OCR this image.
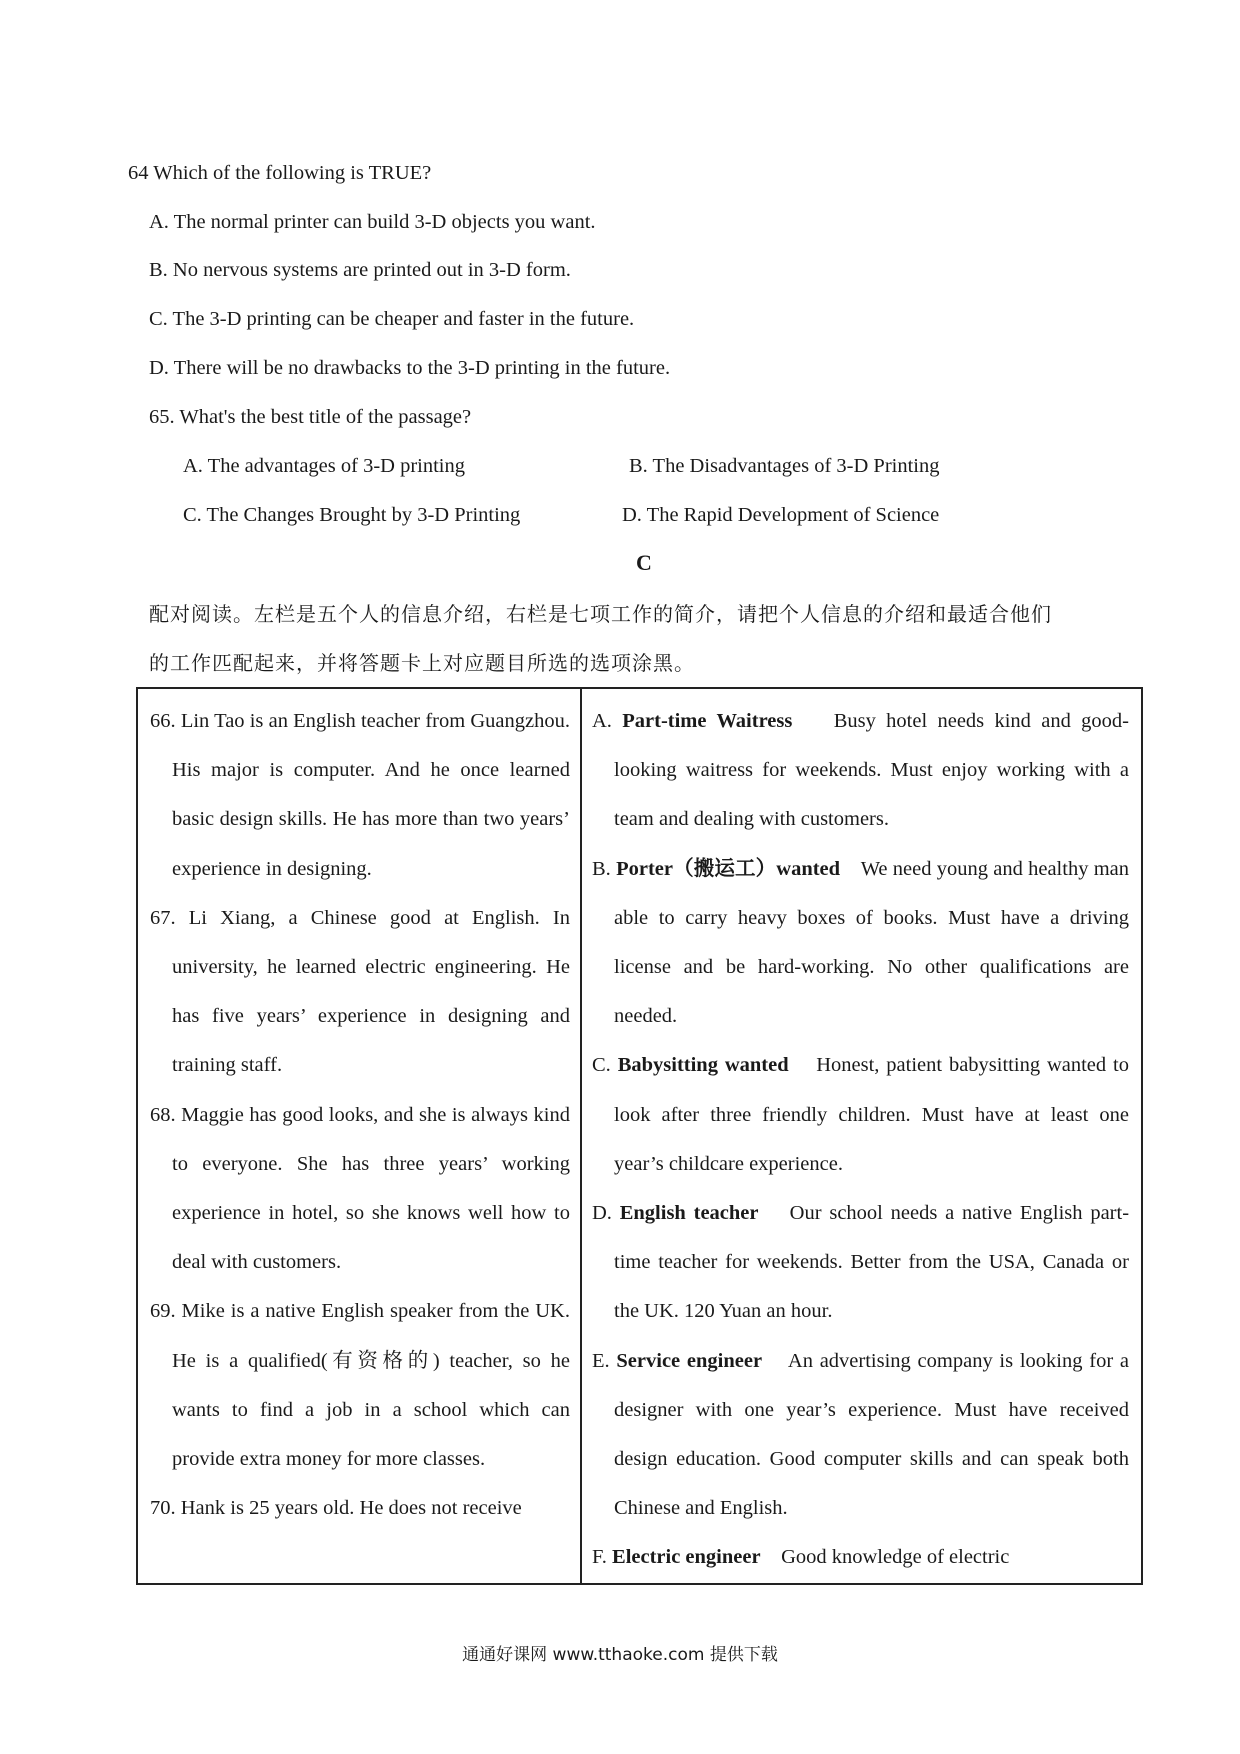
64 Which of the following is TRUE?
A. The normal printer can build 3-D objects you want.
B. No nervous systems are printed out in 3-D form.
C. The 3-D printing can be cheaper and faster in the future.
D. There will be no drawbacks to the 3-D printing in the future.
65. What's the best title of the passage?
A. The advantages of 3-D printing	B. The Disadvantages of 3-D Printing
C. The Changes Brought by 3-D Printing	D. The Rapid Development of Science
C
配对阅读。左栏是五个人的信息介绍，右栏是七项工作的简介，请把个人信息的介绍和最适合他们
的工作匹配起来，并将答题卡上对应题目所选的选项涂黑。
66. Lin Tao is an English teacher from Guangzhou. His major is computer. And he once learned basic design skills. He has more than two years’ experience in designing.
67. Li Xiang, a Chinese good at English. In university, he learned electric engineering. He has five years’ experience in designing and training staff.
68. Maggie has good looks, and she is always kind to everyone. She has three years’ working experience in hotel, so she knows well how to deal with customers.
69. Mike is a native English speaker from the UK. He is a qualified(有资格的) teacher, so he wants to find a job in a school which can provide extra money for more classes.
70. Hank is 25 years old. He does not receive

A. Part-time Waitress Busy hotel needs kind and good-looking waitress for weekends. Must enjoy working with a team and dealing with customers.
B. Porter（搬运工）wanted We need young and healthy man able to carry heavy boxes of books. Must have a driving license and be hard-working. No other qualifications are needed.
C. Babysitting wanted Honest, patient babysitting wanted to look after three friendly children. Must have at least one year’s childcare experience.
D. English teacher Our school needs a native English part-time teacher for weekends. Better from the USA, Canada or the UK. 120 Yuan an hour.
E. Service engineer An advertising company is looking for a designer with one year’s experience. Must have received design education. Good computer skills and can speak both Chinese and English.
F. Electric engineer Good knowledge of electric
通通好课网 www.tthaoke.com 提供下载
